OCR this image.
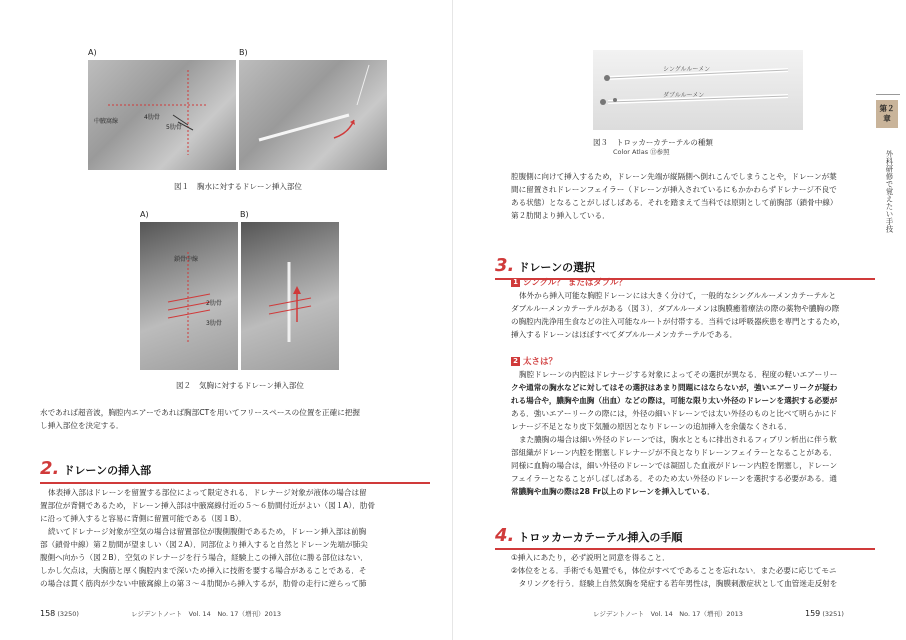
A)	B)
中腋窩線
4肋骨
5肋骨
図１ 胸水に対するドレーン挿入部位
A)	B)
鎖骨中線
2肋骨
3肋骨
図２ 気胸に対するドレーン挿入部位
水であれば超音波，胸腔内エアーであれば胸部CTを用いてフリースペースの位置を正確に把握
し挿入部位を決定する．
2. ドレーンの挿入部
体表挿入部はドレーンを留置する部位によって限定される．ドレナージ対象が液体の場合は留
置部位が背側であるため，ドレーン挿入部は中腋窩線付近の５～６肋間付近がよい（図１A）．肋骨
に沿って挿入すると容易に背側に留置可能である（図１B）．
続いてドレナージ対象が空気の場合は留置部位が腹側腹側であるため，ドレーン挿入部は前胸
部（鎖骨中線）第２肋間が望ましい（図２A）．同部位より挿入すると自然とドレーン先端が肺尖
腹側へ向かう（図２B）．空気のドレナージを行う場合，経験上この挿入部位に勝る部位はない．
しかし欠点は，大胸筋と厚く胸腔内まで深いため挿入に技術を要する場合があることである．そ
の場合は貫く筋肉が少ない中腋窩線上の第３～４肋間から挿入するが，肋骨の走行に逆らって肺
158 (3250)	レジデントノート　Vol. 14　No. 17（増刊）2013
シングルルーメン
ダブルルーメン
図３ トロッカーカテーテルの種類
Color Atlas ⑬参照
腔腹側に向けて挿入するため，ドレーン先端が縦隔側へ倒れこんでしまうことや，ドレーンが葉
間に留置されドレーンフェイラー（ドレーンが挿入されているにもかかわらずドレナージ不良で
ある状態）となることがしばしばある．それを踏まえて当科では原則として前胸部（鎖骨中線）
第２肋間より挿入している．
3. ドレーンの選択
1 シングル？ またはダブル？
体外から挿入可能な胸腔ドレーンには大きく分けて，一般的なシングルルーメンカテーテルと
ダブルルーメンカテーテルがある（図３）．ダブルルーメンは胸膜癒着療法の際の薬物や膿胸の際
の胸腔内洗浄用生食などの注入可能なルートが付帯する．当科では呼吸器疾患を専門とするため，
挿入するドレーンはほぼすべてダブルルーメンカテーテルである．
2 太さは？
胸腔ドレーンの内腔はドレナージする対象によってその選択が異なる．程度の軽いエアーリー
クや通常の胸水などに対してはその選択はあまり問題にはならないが，強いエアーリークが疑わ
れる場合や，膿胸や血胸（出血）などの際は，可能な限り太い外径のドレーンを選択する必要が
ある．強いエアーリークの際には，外径の細いドレーンでは太い外径のものと比べて明らかにド
レナージ不足となり皮下気腫の原因となりドレーンの追加挿入を余儀なくされる．
また膿胸の場合は細い外径のドレーンでは，胸水とともに排出されるフィブリン析出に伴う軟
部組織がドレーン内腔を閉塞しドレナージが不良となりドレーンフェイラーとなることがある．
同様に血胸の場合は，細い外径のドレーンでは凝固した血液がドレーン内腔を閉塞し，ドレーン
フェイラーとなることがしばしばある．そのため太い外径のドレーンを選択する必要がある．通
常膿胸や血胸の際は28 Fr以上のドレーンを挿入している．
4. トロッカーカテーテル挿入の手順
①挿入にあたり，必ず説明と同意を得ること．
②体位をとる．手術でも処置でも，体位がすべてであることを忘れない．また必要に応じてモニ
　タリングを行う．経験上自然気胸を発症する若年男性は，胸膜刺激症状として血管迷走反射を
レジデントノート　Vol. 14　No. 17（増刊）2013	159 (3251)
第２章
外科研修で覚えたい手技
